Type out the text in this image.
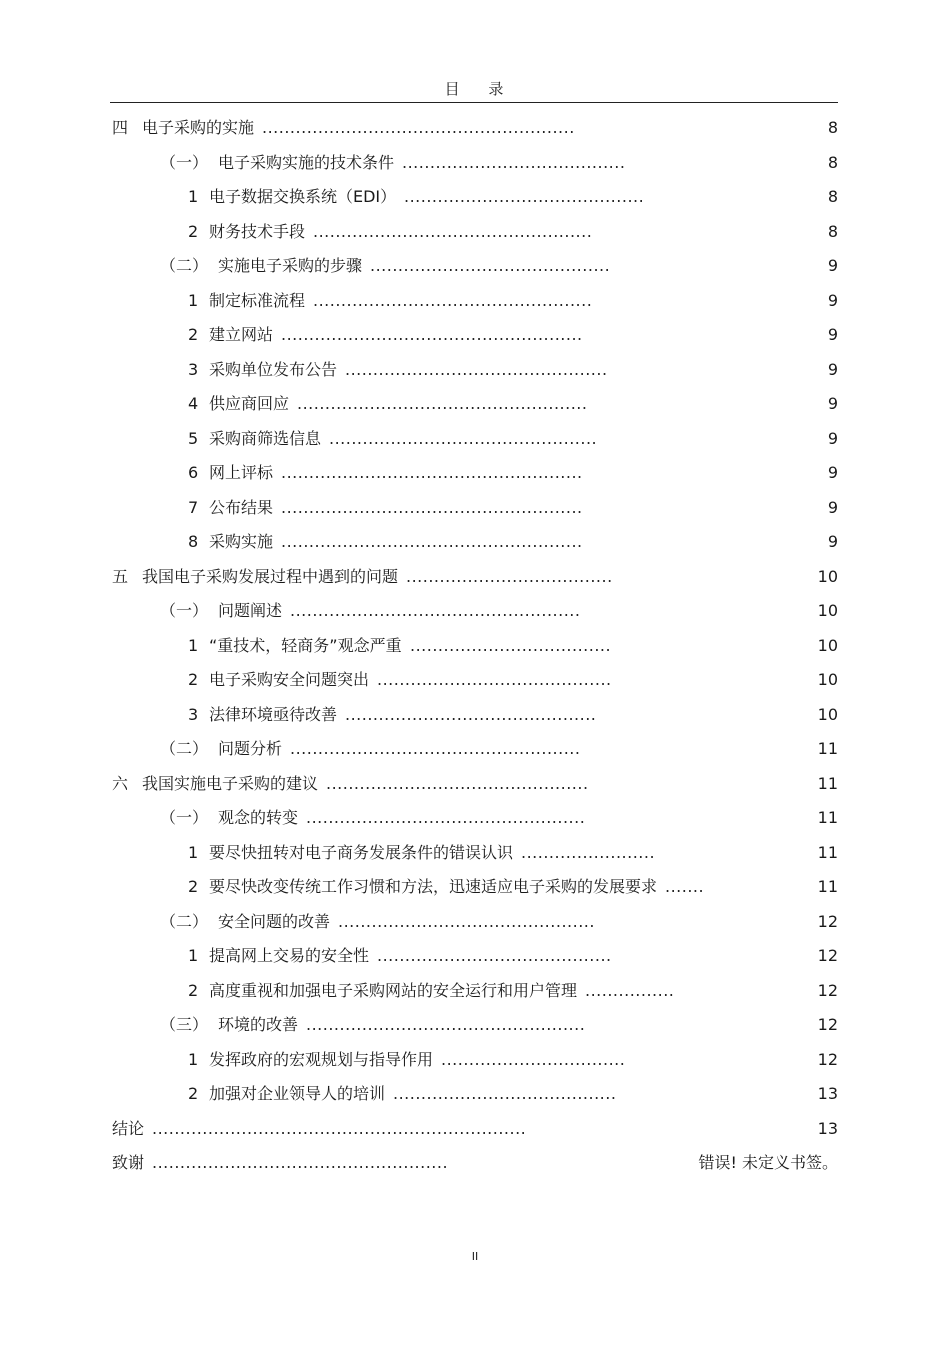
目 录
四 电子采购的实施 ........................................................	8
（一） 电子采购实施的技术条件 ........................................	8
1 电子数据交换系统（EDI） ...........................................	8
2 财务技术手段 ..................................................	8
（二） 实施电子采购的步骤 ...........................................	9
1 制定标准流程 ..................................................	9
2 建立网站 ......................................................	9
3 采购单位发布公告 ...............................................	9
4 供应商回应 ....................................................	9
5 采购商筛选信息 ................................................	9
6 网上评标 ......................................................	9
7 公布结果 ......................................................	9
8 采购实施 ......................................................	9
五 我国电子采购发展过程中遇到的问题 .....................................	10
（一） 问题阐述 ....................................................	10
1 “重技术，轻商务”观念严重 ....................................	10
2 电子采购安全问题突出 ..........................................	10
3 法律环境亟待改善 .............................................	10
（二） 问题分析 ....................................................	11
六 我国实施电子采购的建议 ...............................................	11
（一） 观念的转变 ..................................................	11
1 要尽快扭转对电子商务发展条件的错误认识 ........................	11
2 要尽快改变传统工作习惯和方法，迅速适应电子采购的发展要求 .......	11
（二） 安全问题的改善 ..............................................	12
1 提高网上交易的安全性 ..........................................	12
2 高度重视和加强电子采购网站的安全运行和用户管理 ................	12
（三） 环境的改善 ..................................................	12
1 发挥政府的宏观规划与指导作用 .................................	12
2 加强对企业领导人的培训 ........................................	13
结论 ...................................................................	13
致谢 .....................................................	错误! 未定义书签。
II
